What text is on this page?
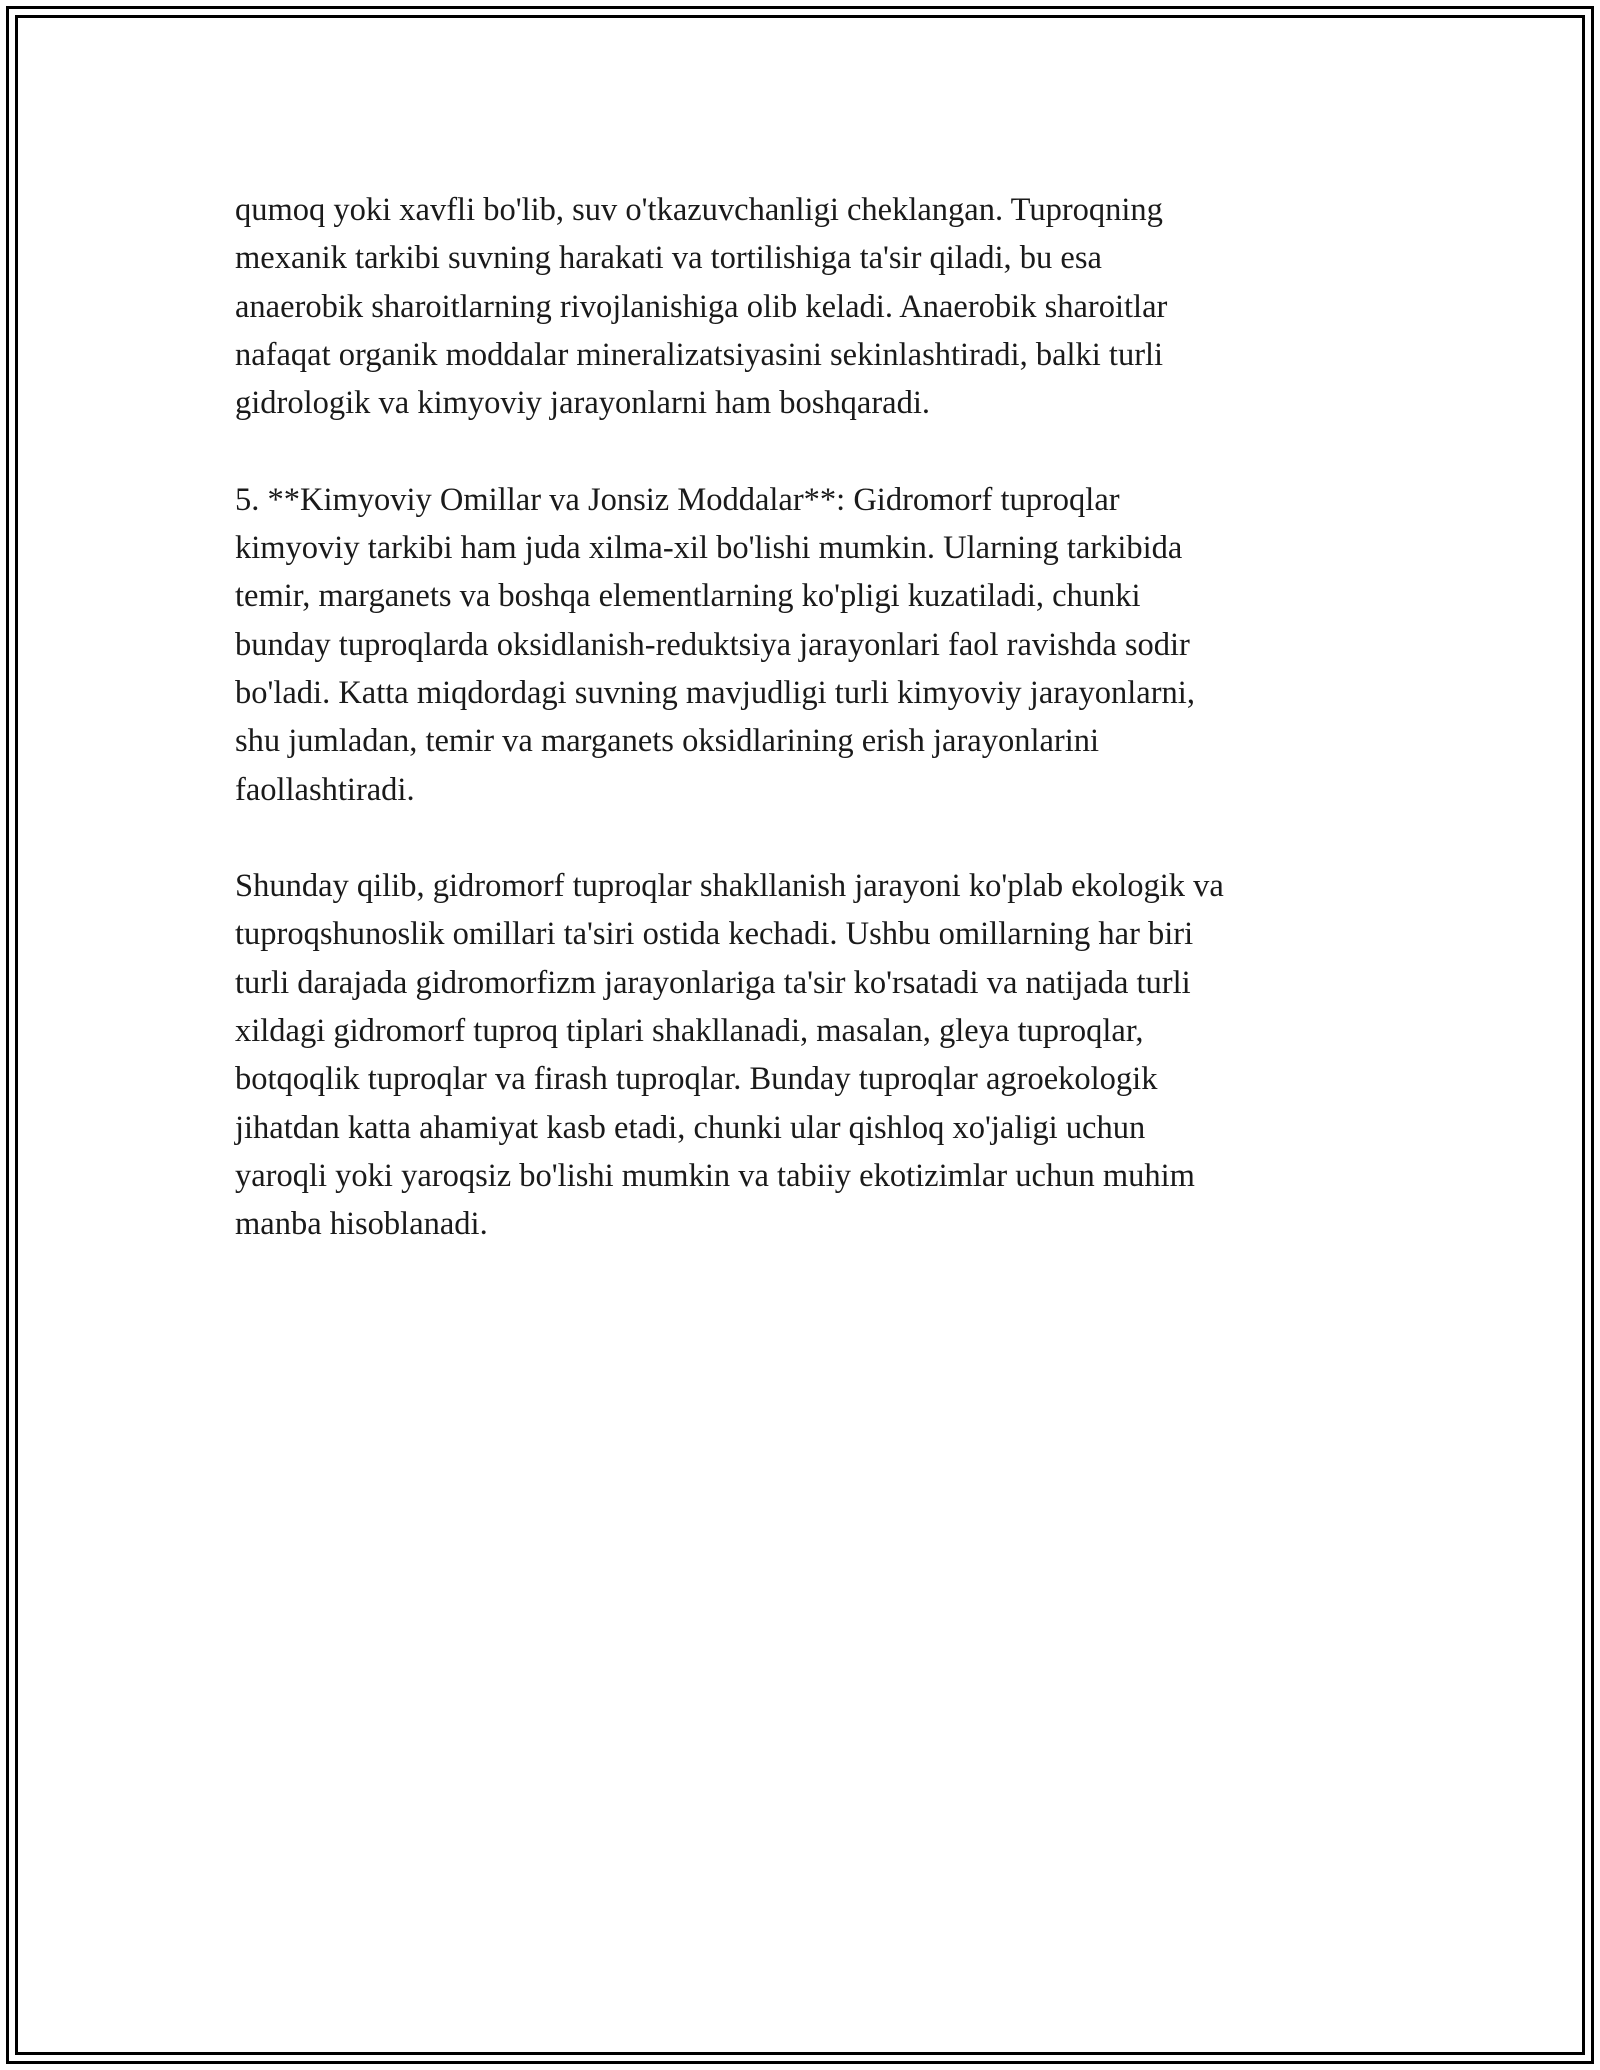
qumoq yoki xavfli bo'lib, suv o'tkazuvchanligi cheklangan. Tuproqning
mexanik tarkibi suvning harakati va tortilishiga ta'sir qiladi, bu esa
anaerobik sharoitlarning rivojlanishiga olib keladi. Anaerobik sharoitlar
nafaqat organik moddalar mineralizatsiyasini sekinlashtiradi, balki turli
gidrologik va kimyoviy jarayonlarni ham boshqaradi.

5. **Kimyoviy Omillar va Jonsiz Moddalar**: Gidromorf tuproqlar
kimyoviy tarkibi ham juda xilma-xil bo'lishi mumkin. Ularning tarkibida
temir, marganets va boshqa elementlarning ko'pligi kuzatiladi, chunki
bunday tuproqlarda oksidlanish-reduktsiya jarayonlari faol ravishda sodir
bo'ladi. Katta miqdordagi suvning mavjudligi turli kimyoviy jarayonlarni,
shu jumladan, temir va marganets oksidlarining erish jarayonlarini
faollashtiradi.

Shunday qilib, gidromorf tuproqlar shakllanish jarayoni ko'plab ekologik va
tuproqshunoslik omillari ta'siri ostida kechadi. Ushbu omillarning har biri
turli darajada gidromorfizm jarayonlariga ta'sir ko'rsatadi va natijada turli
xildagi gidromorf tuproq tiplari shakllanadi, masalan, gleya tuproqlar,
botqoqlik tuproqlar va firash tuproqlar. Bunday tuproqlar agroekologik
jihatdan katta ahamiyat kasb etadi, chunki ular qishloq xo'jaligi uchun
yaroqli yoki yaroqsiz bo'lishi mumkin va tabiiy ekotizimlar uchun muhim
manba hisoblanadi.
